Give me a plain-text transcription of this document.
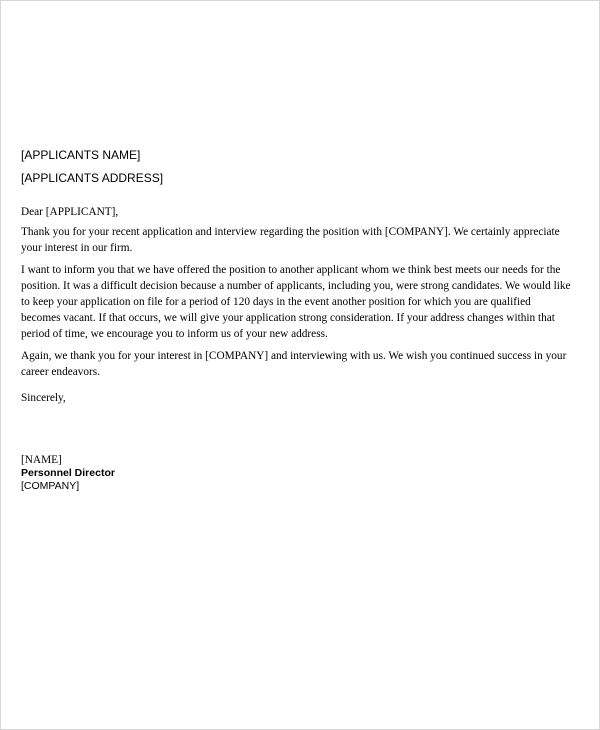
[APPLICANTS NAME]

[APPLICANTS ADDRESS]

Dear [APPLICANT],

Thank you for your recent application and interview regarding the position with [COMPANY]. We certainly appreciate your interest in our firm.

I want to inform you that we have offered the position to another applicant whom we think best meets our needs for the position. It was a difficult decision because a number of applicants, including you, were strong candidates. We would like to keep your application on file for a period of 120 days in the event another position for which you are qualified becomes vacant. If that occurs, we will give your application strong consideration. If your address changes within that period of time, we encourage you to inform us of your new address.

Again, we thank you for your interest in [COMPANY] and interviewing with us. We wish you continued success in your career endeavors.

Sincerely,

[NAME]

Personnel Director

[COMPANY]
